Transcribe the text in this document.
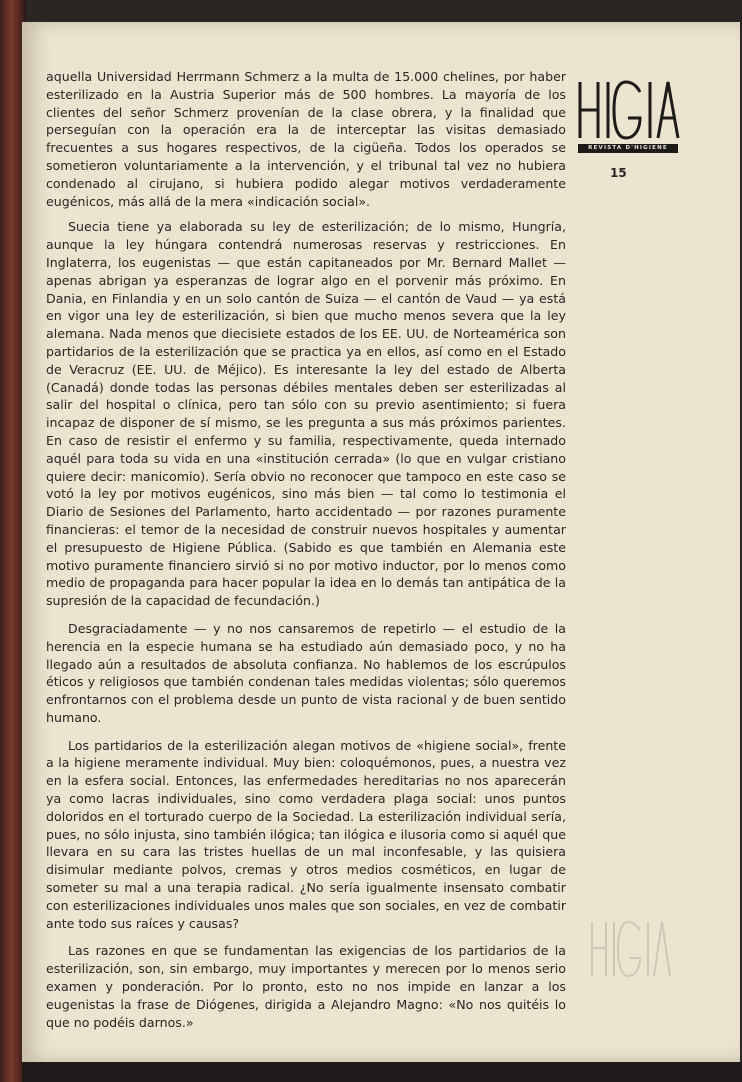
REVISTA D'HIGIENE
15

aquella Universidad Herrmann Schmerz a la multa de 15.000 chelines, por haber esterilizado en la Austria Superior más de 500 hombres. La mayoría de los clientes del señor Schmerz provenían de la clase obrera, y la finalidad que perseguían con la operación era la de interceptar las visitas demasiado frecuentes a sus hogares respectivos, de la cigüeña. Todos los operados se sometieron voluntariamente a la intervención, y el tribunal tal vez no hubiera condenado al cirujano, si hubiera podido alegar motivos verdaderamente eugénicos, más allá de la mera «indicación social».

Suecia tiene ya elaborada su ley de esterilización; de lo mismo, Hungría, aunque la ley húngara contendrá numerosas reservas y restricciones. En Inglaterra, los eugenistas — que están capitaneados por Mr. Bernard Mallet — apenas abrigan ya esperanzas de lograr algo en el porvenir más próximo. En Dania, en Finlandia y en un solo cantón de Suiza — el cantón de Vaud — ya está en vigor una ley de esterilización, si bien que mucho menos severa que la ley alemana. Nada menos que diecisiete estados de los EE. UU. de Norteamérica son partidarios de la esterilización que se practica ya en ellos, así como en el Estado de Veracruz (EE. UU. de Méjico). Es interesante la ley del estado de Alberta (Canadá) donde todas las personas débiles mentales deben ser esterilizadas al salir del hospital o clínica, pero tan sólo con su previo asentimiento; si fuera incapaz de disponer de sí mismo, se les pregunta a sus más próximos parientes. En caso de resistir el enfermo y su familia, respectivamente, queda internado aquél para toda su vida en una «institución cerrada» (lo que en vulgar cristiano quiere decir: manicomio). Sería obvio no reconocer que tampoco en este caso se votó la ley por motivos eugénicos, sino más bien — tal como lo testimonia el Diario de Sesiones del Parlamento, harto accidentado — por razones puramente financieras: el temor de la necesidad de construir nuevos hospitales y aumentar el presupuesto de Higiene Pública. (Sabido es que también en Alemania este motivo puramente financiero sirvió si no por motivo inductor, por lo menos como medio de propaganda para hacer popular la idea en lo demás tan antipática de la supresión de la capacidad de fecundación.)

Desgraciadamente — y no nos cansaremos de repetirlo — el estudio de la herencia en la especie humana se ha estudiado aún demasiado poco, y no ha llegado aún a resultados de absoluta confianza. No hablemos de los escrúpulos éticos y religiosos que también condenan tales medidas violentas; sólo queremos enfrontarnos con el problema desde un punto de vista racional y de buen sentido humano.

Los partidarios de la esterilización alegan motivos de «higiene social», frente a la higiene meramente individual. Muy bien: coloquémonos, pues, a nuestra vez en la esfera social. Entonces, las enfermedades hereditarias no nos aparecerán ya como lacras individuales, sino como verdadera plaga social: unos puntos doloridos en el torturado cuerpo de la Sociedad. La esterilización individual sería, pues, no sólo injusta, sino también ilógica; tan ilógica e ilusoria como si aquél que llevara en su cara las tristes huellas de un mal inconfesable, y las quisiera disimular mediante polvos, cremas y otros medios cosméticos, en lugar de someter su mal a una terapia radical. ¿No sería igualmente insensato combatir con esterilizaciones individuales unos males que son sociales, en vez de combatir ante todo sus raíces y causas?

Las razones en que se fundamentan las exigencias de los partidarios de la esterilización, son, sin embargo, muy importantes y merecen por lo menos serio examen y ponderación. Por lo pronto, esto no nos impide en lanzar a los eugenistas la frase de Diógenes, dirigida a Alejandro Magno: «No nos quitéis lo que no podéis darnos.»
